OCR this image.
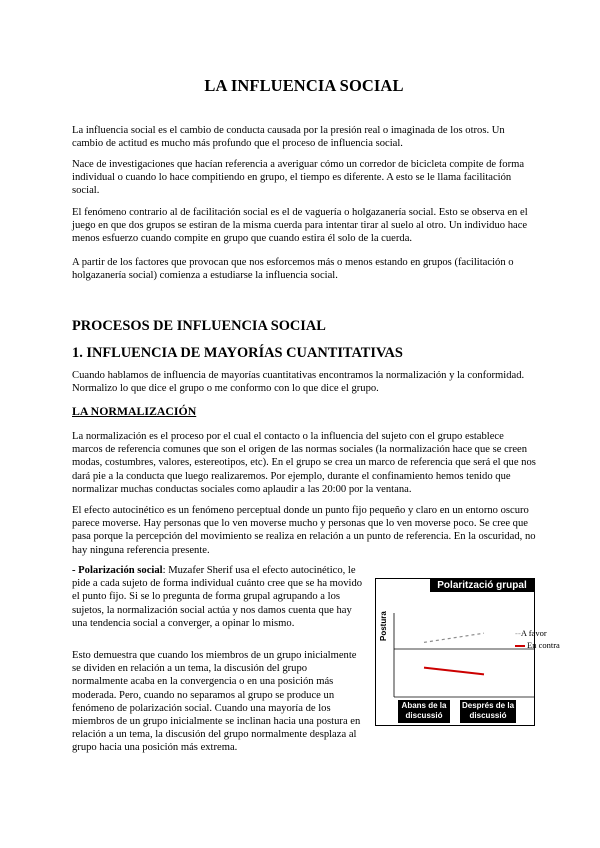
LA INFLUENCIA SOCIAL

La influencia social es el cambio de conducta causada por la presión real o imaginada de los otros. Un cambio de actitud es mucho más profundo que el proceso de influencia social.

Nace de investigaciones que hacían referencia a averiguar cómo un corredor de bicicleta compite de forma individual o cuando lo hace compitiendo en grupo, el tiempo es diferente. A esto se le llama facilitación social.

El fenómeno contrario al de facilitación social es el de vaguería o holgazanería social. Esto se observa en el juego en que dos grupos se estiran de la misma cuerda para intentar tirar al suelo al otro. Un individuo hace menos esfuerzo cuando compite en grupo que cuando estira él solo de la cuerda.

A partir de los factores que provocan que nos esforcemos más o menos estando en grupos (facilitación o holgazanería social) comienza a estudiarse la influencia social.

PROCESOS DE INFLUENCIA SOCIAL
1. INFLUENCIA DE MAYORÍAS CUANTITATIVAS

Cuando hablamos de influencia de mayorías cuantitativas encontramos la normalización y la conformidad. Normalizo lo que dice el grupo o me conformo con lo que dice el grupo.

LA NORMALIZACIÓN

La normalización es el proceso por el cual el contacto o la influencia del sujeto con el grupo establece marcos de referencia comunes que son el origen de las normas sociales (la normalización hace que se creen modas, costumbres, valores, estereotipos, etc). En el grupo se crea un marco de referencia que será el que nos dará pie a la conducta que luego realizaremos. Por ejemplo, durante el confinamiento hemos tenido que normalizar muchas conductas sociales como aplaudir a las 20:00 por la ventana.

El efecto autocinético es un fenómeno perceptual donde un punto fijo pequeño y claro en un entorno oscuro parece moverse. Hay personas que lo ven moverse mucho y personas que lo ven moverse poco. Se cree que pasa porque la percepción del movimiento se realiza en relación a un punto de referencia. En la oscuridad, no hay ninguna referencia presente.

- Polarización social: Muzafer Sherif usa el efecto autocinético, le pide a cada sujeto de forma individual cuánto cree que se ha movido el punto fijo. Si se lo pregunta de forma grupal agrupando a los sujetos, la normalización social actúa y nos damos cuenta que hay una tendencia social a converger, a opinar lo mismo.

Esto demuestra que cuando los miembros de un grupo inicialmente se dividen en relación a un tema, la discusión del grupo normalmente acaba en la convergencia o en una posición más moderada. Pero, cuando no separamos al grupo se produce un fenómeno de polarización social. Cuando una mayoría de los miembros de un grupo inicialmente se inclinan hacia una postura en relación a un tema, la discusión del grupo normalmente desplaza al grupo hacia una posición más extrema.

Polarització grupal
Postura
Abans de la discussió
Després de la discussió
- - A favor
En contra
